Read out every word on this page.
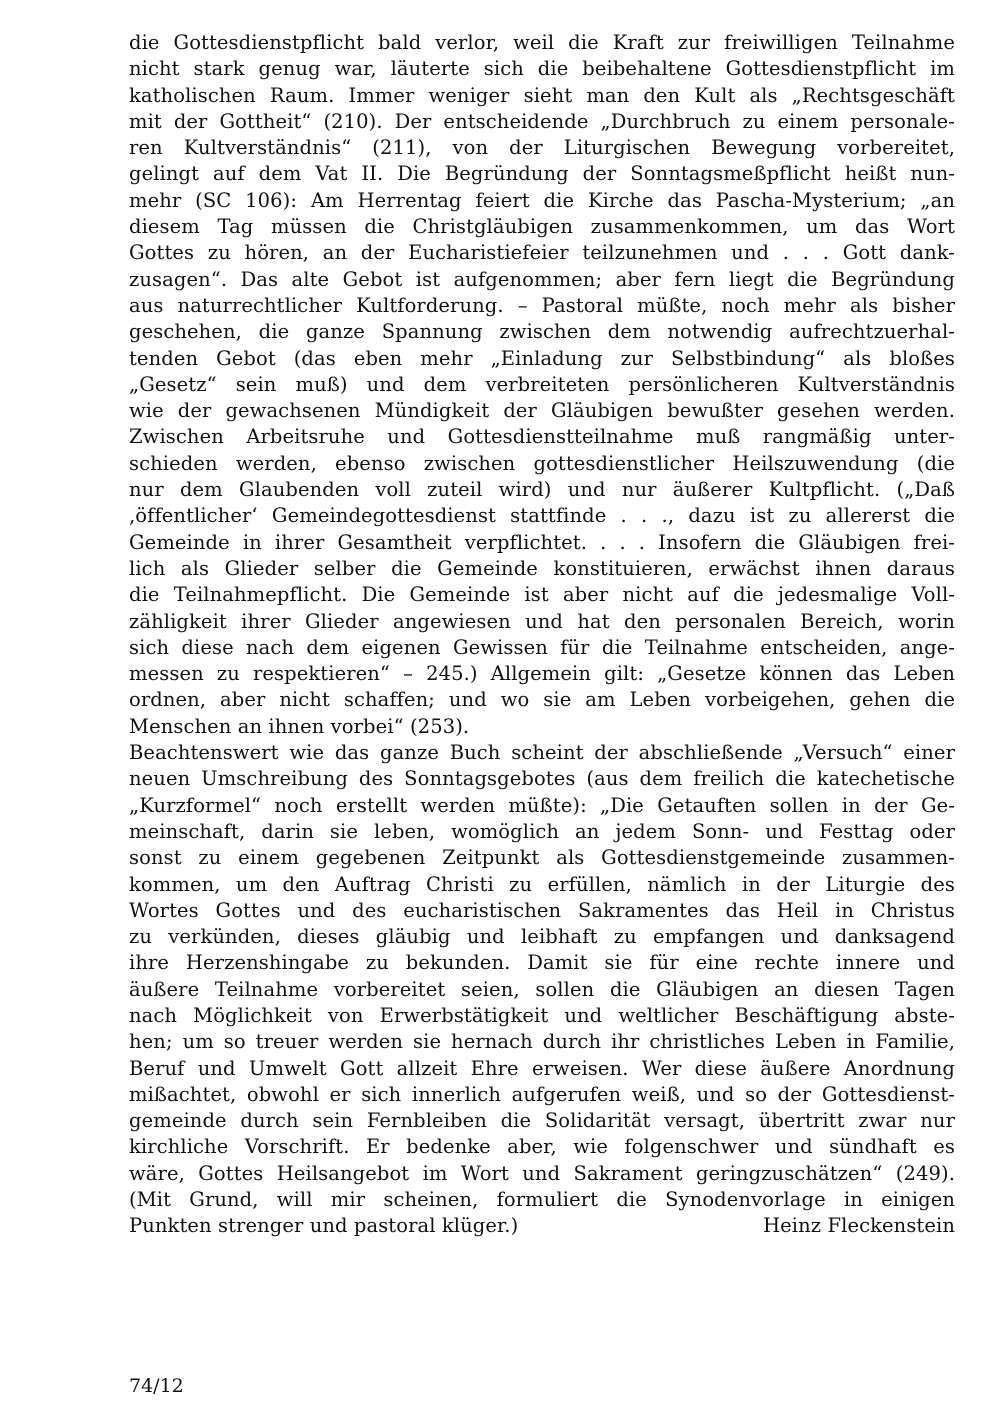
die Gottesdienstpflicht bald verlor, weil die Kraft zur freiwilligen Teilnahme
nicht stark genug war, läuterte sich die beibehaltene Gottesdienstpflicht im
katholischen Raum. Immer weniger sieht man den Kult als „Rechtsgeschäft
mit der Gottheit“ (210). Der entscheidende „Durchbruch zu einem personale-
ren Kultverständnis“ (211), von der Liturgischen Bewegung vorbereitet,
gelingt auf dem Vat II. Die Begründung der Sonntagsmeßpflicht heißt nun-
mehr (SC 106): Am Herrentag feiert die Kirche das Pascha-Mysterium; „an
diesem Tag müssen die Christgläubigen zusammenkommen, um das Wort
Gottes zu hören, an der Eucharistiefeier teilzunehmen und . . . Gott dank-
zusagen“. Das alte Gebot ist aufgenommen; aber fern liegt die Begründung
aus naturrechtlicher Kultforderung. – Pastoral müßte, noch mehr als bisher
geschehen, die ganze Spannung zwischen dem notwendig aufrechtzuerhal-
tenden Gebot (das eben mehr „Einladung zur Selbstbindung“ als bloßes
„Gesetz“ sein muß) und dem verbreiteten persönlicheren Kultverständnis
wie der gewachsenen Mündigkeit der Gläubigen bewußter gesehen werden.
Zwischen Arbeitsruhe und Gottesdienstteilnahme muß rangmäßig unter-
schieden werden, ebenso zwischen gottesdienstlicher Heilszuwendung (die
nur dem Glaubenden voll zuteil wird) und nur äußerer Kultpflicht. („Daß
‚öffentlicher‘ Gemeindegottesdienst stattfinde . . ., dazu ist zu allererst die
Gemeinde in ihrer Gesamtheit verpflichtet. . . . Insofern die Gläubigen frei-
lich als Glieder selber die Gemeinde konstituieren, erwächst ihnen daraus
die Teilnahmepflicht. Die Gemeinde ist aber nicht auf die jedesmalige Voll-
zähligkeit ihrer Glieder angewiesen und hat den personalen Bereich, worin
sich diese nach dem eigenen Gewissen für die Teilnahme entscheiden, ange-
messen zu respektieren“ – 245.) Allgemein gilt: „Gesetze können das Leben
ordnen, aber nicht schaffen; und wo sie am Leben vorbeigehen, gehen die
Menschen an ihnen vorbei“ (253).
Beachtenswert wie das ganze Buch scheint der abschließende „Versuch“ einer
neuen Umschreibung des Sonntagsgebotes (aus dem freilich die katechetische
„Kurzformel“ noch erstellt werden müßte): „Die Getauften sollen in der Ge-
meinschaft, darin sie leben, womöglich an jedem Sonn- und Festtag oder
sonst zu einem gegebenen Zeitpunkt als Gottesdienstgemeinde zusammen-
kommen, um den Auftrag Christi zu erfüllen, nämlich in der Liturgie des
Wortes Gottes und des eucharistischen Sakramentes das Heil in Christus
zu verkünden, dieses gläubig und leibhaft zu empfangen und danksagend
ihre Herzenshingabe zu bekunden. Damit sie für eine rechte innere und
äußere Teilnahme vorbereitet seien, sollen die Gläubigen an diesen Tagen
nach Möglichkeit von Erwerbstätigkeit und weltlicher Beschäftigung abste-
hen; um so treuer werden sie hernach durch ihr christliches Leben in Familie,
Beruf und Umwelt Gott allzeit Ehre erweisen. Wer diese äußere Anordnung
mißachtet, obwohl er sich innerlich aufgerufen weiß, und so der Gottesdienst-
gemeinde durch sein Fernbleiben die Solidarität versagt, übertritt zwar nur
kirchliche Vorschrift. Er bedenke aber, wie folgenschwer und sündhaft es
wäre, Gottes Heilsangebot im Wort und Sakrament geringzuschätzen“ (249).
(Mit Grund, will mir scheinen, formuliert die Synodenvorlage in einigen
Punkten strenger und pastoral klüger.)	Heinz Fleckenstein
74/12
